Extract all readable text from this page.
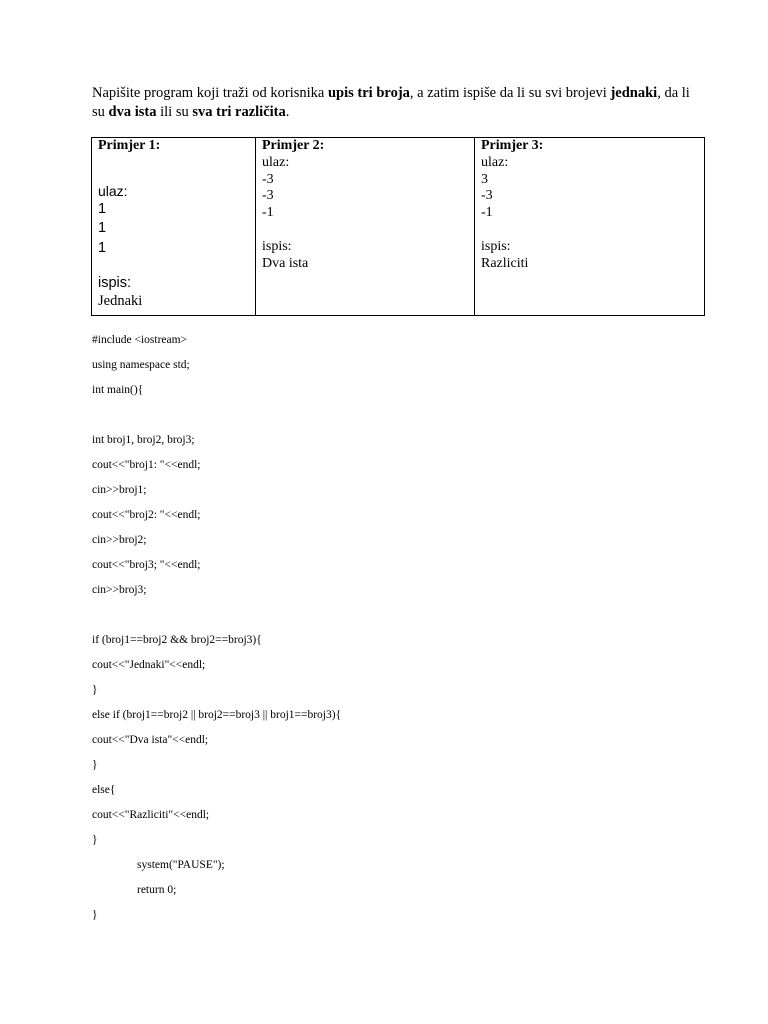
Napišite program koji traži od korisnika upis tri broja, a zatim ispiše da li su svi brojevi jednaki, da li su dva ista ili su sva tri različita.

Primjer 1:
ulaz:
1
1
1
ispis:
Jednaki

Primjer 2:
ulaz:
-3
-3
-1
ispis:
Dva ista

Primjer 3:
ulaz:
3
-3
-1
ispis:
Razliciti
#include <iostream>
using namespace std;
int main(){
int broj1, broj2, broj3;
cout<<"broj1: "<<endl;
cin>>broj1;
cout<<"broj2: "<<endl;
cin>>broj2;
cout<<"broj3; "<<endl;
cin>>broj3;
if (broj1==broj2 && broj2==broj3){
cout<<"Jednaki"<<endl;
}
else if (broj1==broj2 || broj2==broj3 || broj1==broj3){
cout<<"Dva ista"<<endl;
}
else{
cout<<"Razliciti"<<endl;
}
system("PAUSE");
return 0;
}
